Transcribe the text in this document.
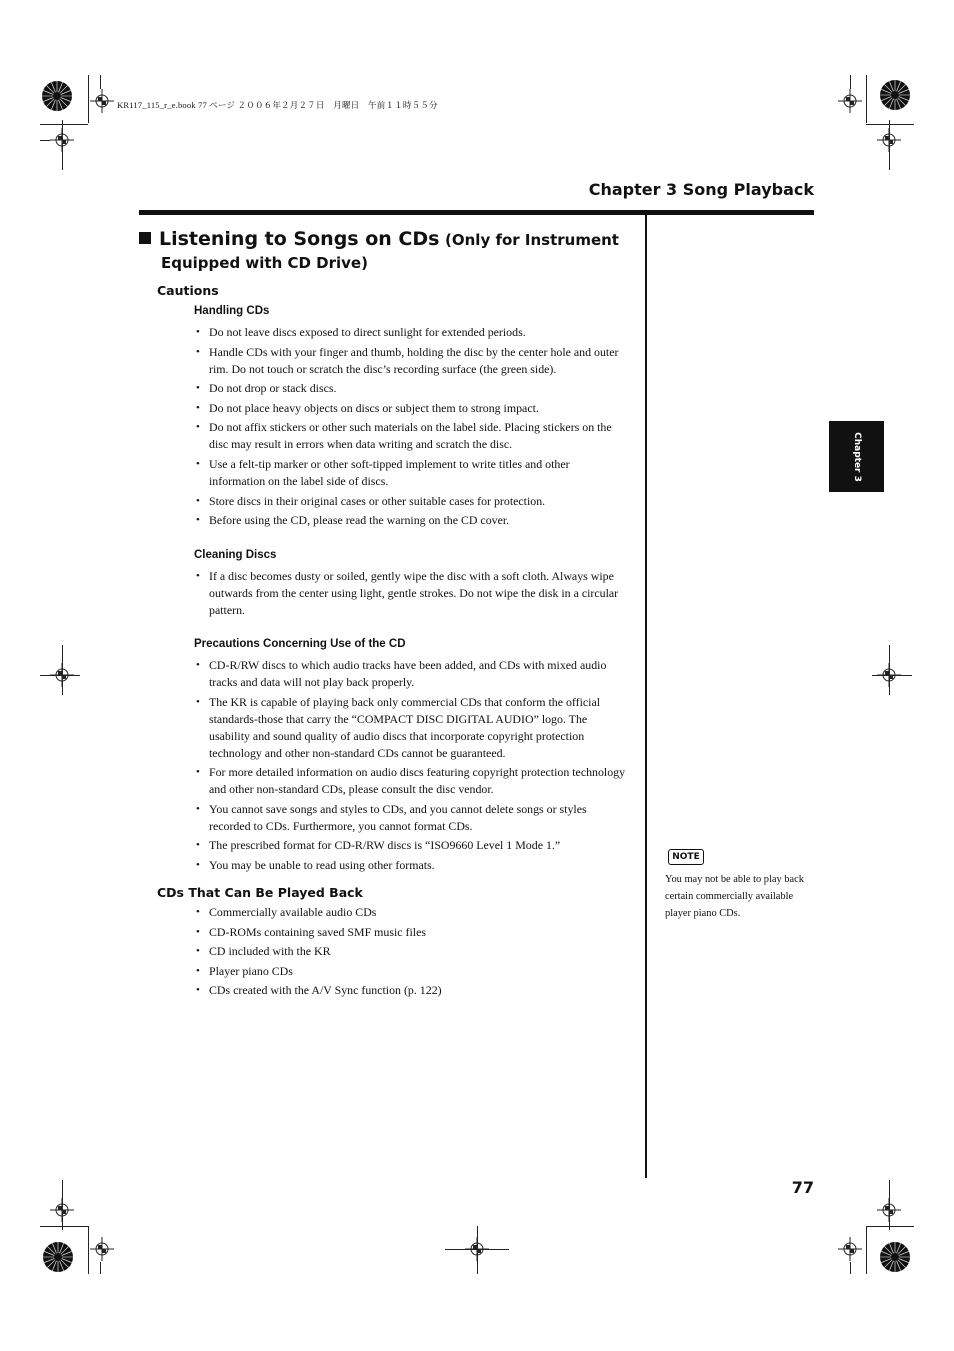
KR117_115_r_e.book 77 ページ ２００６年２月２７日　月曜日　午前１１時５５分
Chapter 3 Song Playback
Listening to Songs on CDs (Only for Instrument
Equipped with CD Drive)
Cautions
Handling CDs
• Do not leave discs exposed to direct sunlight for extended periods.
• Handle CDs with your finger and thumb, holding the disc by the center hole and outer rim. Do not touch or scratch the disc’s recording surface (the green side).
• Do not drop or stack discs.
• Do not place heavy objects on discs or subject them to strong impact.
• Do not affix stickers or other such materials on the label side. Placing stickers on the disc may result in errors when data writing and scratch the disc.
• Use a felt-tip marker or other soft-tipped implement to write titles and other information on the label side of discs.
• Store discs in their original cases or other suitable cases for protection.
• Before using the CD, please read the warning on the CD cover.
Cleaning Discs
• If a disc becomes dusty or soiled, gently wipe the disc with a soft cloth. Always wipe outwards from the center using light, gentle strokes. Do not wipe the disk in a circular pattern.
Precautions Concerning Use of the CD
• CD-R/RW discs to which audio tracks have been added, and CDs with mixed audio tracks and data will not play back properly.
• The KR is capable of playing back only commercial CDs that conform the official standards-those that carry the “COMPACT DISC DIGITAL AUDIO” logo. The usability and sound quality of audio discs that incorporate copyright protection technology and other non-standard CDs cannot be guaranteed.
• For more detailed information on audio discs featuring copyright protection technology and other non-standard CDs, please consult the disc vendor.
• You cannot save songs and styles to CDs, and you cannot delete songs or styles recorded to CDs. Furthermore, you cannot format CDs.
• The prescribed format for CD-R/RW discs is “ISO9660 Level 1 Mode 1.”
• You may be unable to read using other formats.
CDs That Can Be Played Back
• Commercially available audio CDs
• CD-ROMs containing saved SMF music files
• CD included with the KR
• Player piano CDs
• CDs created with the A/V Sync function (p. 122)
Chapter 3
NOTE
You may not be able to play back certain commercially available player piano CDs.
77
